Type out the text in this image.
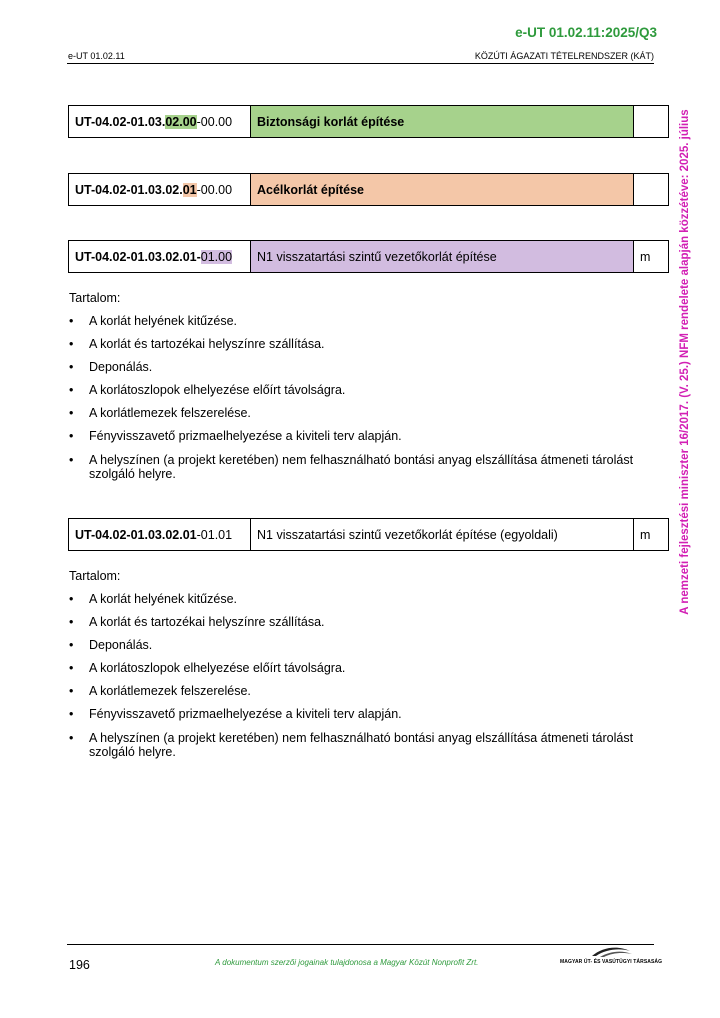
e-UT 01.02.11:2025/Q3
e-UT 01.02.11	KÖZÚTI ÁGAZATI TÉTELRENDSZER (KÁT)
A nemzeti fejlesztési miniszter 16/2017. (V. 25.) NFM rendelete alapján közzétéve: 2025. július
UT-04.02-01.03. 02.00 -00.00	Biztonsági korlát építése
UT-04.02-01.03.02. 01 -00.00	Acélkorlát építése
UT-04.02-01.03.02.01- 01.00	N1 visszatartási szintű vezetőkorlát építése	m
Tartalom:
• A korlát helyének kitűzése.
• A korlát és tartozékai helyszínre szállítása.
• Deponálás.
• A korlátoszlopok elhelyezése előírt távolságra.
• A korlátlemezek felszerelése.
• Fényvisszavető prizmaelhelyezése a kiviteli terv alapján.
• A helyszínen (a projekt keretében) nem felhasználható bontási anyag elszállítása átmeneti tárolást szolgáló helyre.
UT-04.02-01.03.02.01 -01.01	N1 visszatartási szintű vezetőkorlát építése (egyoldali)	m
Tartalom:
• A korlát helyének kitűzése.
• A korlát és tartozékai helyszínre szállítása.
• Deponálás.
• A korlátoszlopok elhelyezése előírt távolságra.
• A korlátlemezek felszerelése.
• Fényvisszavető prizmaelhelyezése a kiviteli terv alapján.
• A helyszínen (a projekt keretében) nem felhasználható bontási anyag elszállítása átmeneti tárolást szolgáló helyre.
196	A dokumentum szerzői jogainak tulajdonosa a Magyar Közút Nonprofit Zrt.	MAGYAR ÚT- ÉS VASÚTÜGYI TÁRSASÁG
